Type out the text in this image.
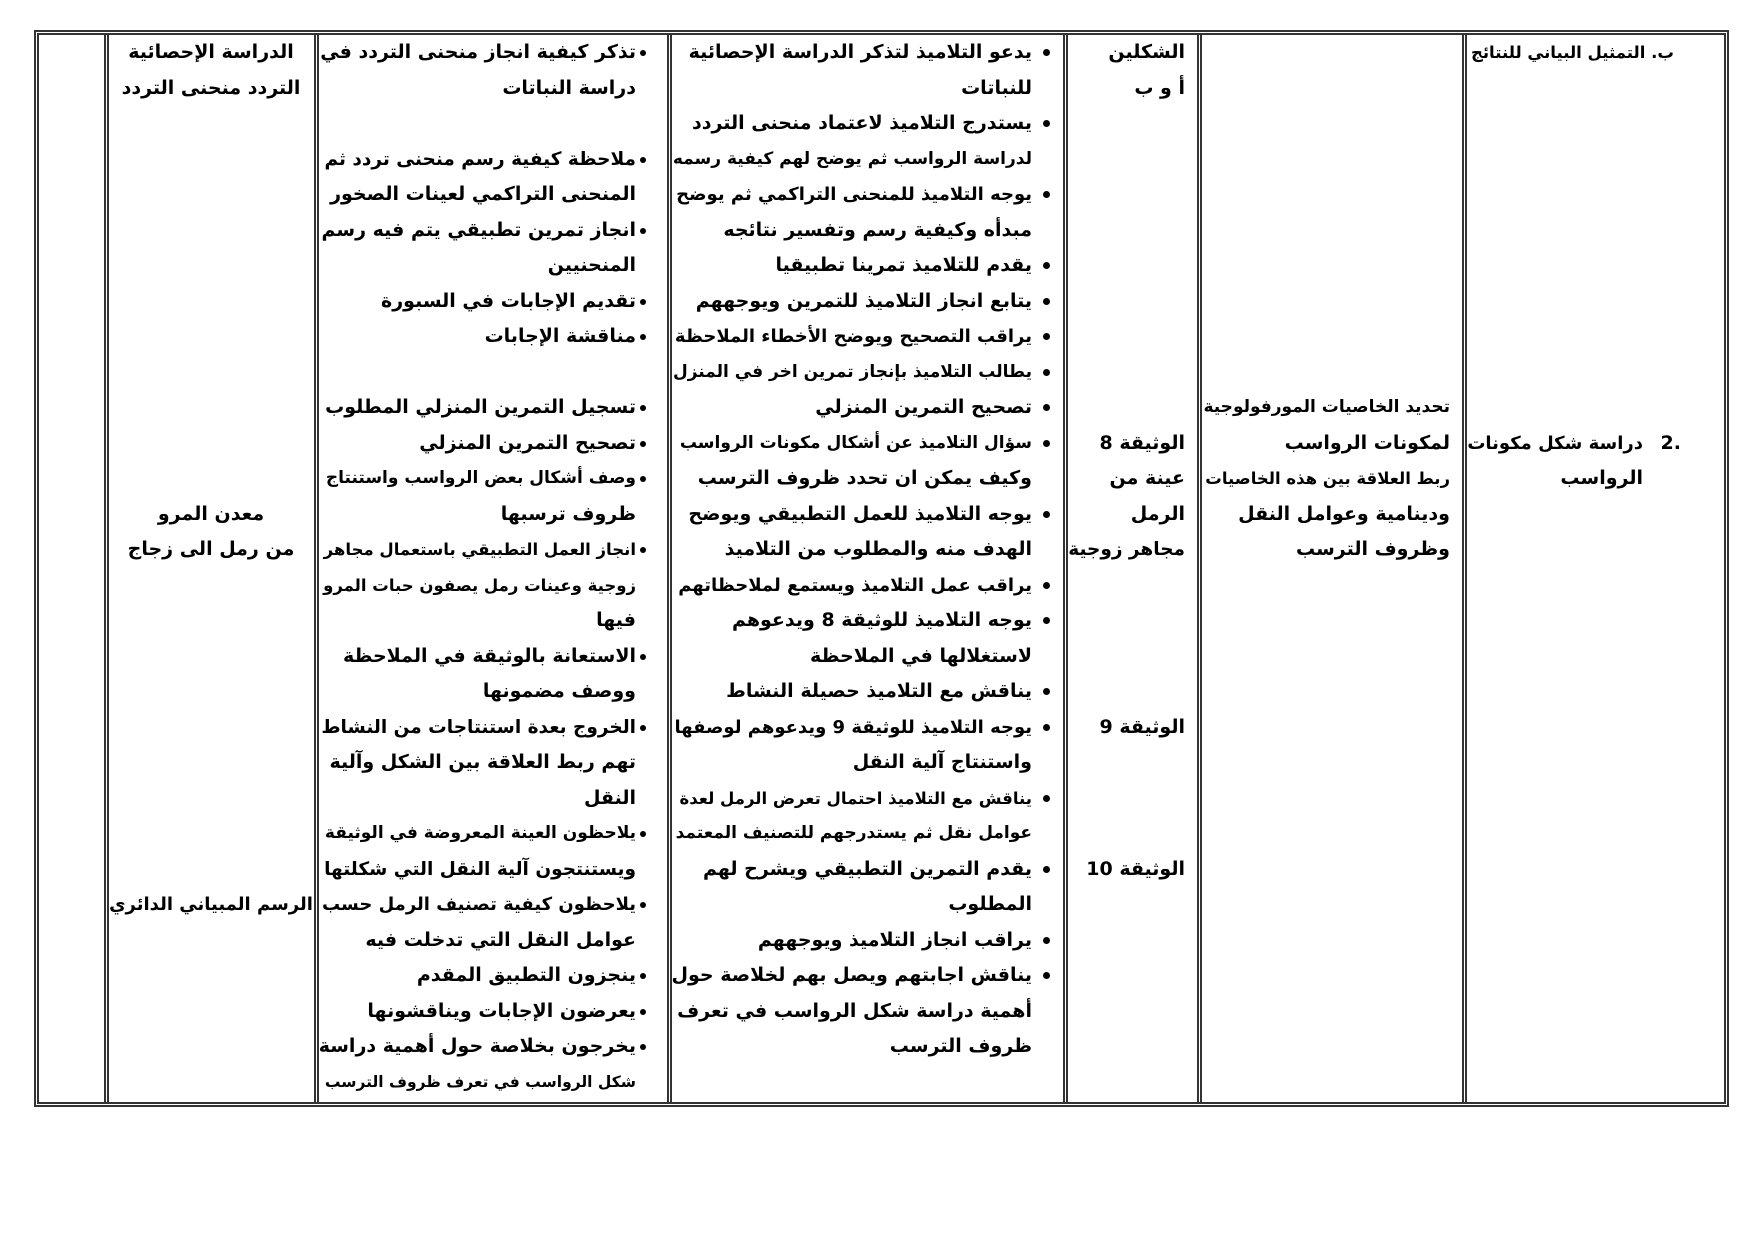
ب. التمثيل البياني للنتائج
2.
دراسة شكل مكونات
الرواسب
تحديد الخاصيات المورفولوجية
لمكونات الرواسب
ربط العلاقة بين هذه الخاصيات
ودينامية وعوامل النقل
وظروف الترسب
الشكلين
أ و ب
الوثيقة 8
عينة من
الرمل
مجاهر زوجية
الوثيقة 9
الوثيقة 10
يدعو التلاميذ لتذكر الدراسة الإحصائية
للنباتات
يستدرج التلاميذ لاعتماد منحنى التردد
لدراسة الرواسب ثم يوضح لهم كيفية رسمه
يوجه التلاميذ للمنحنى التراكمي ثم يوضح
مبدأه وكيفية رسم وتفسير نتائجه
يقدم للتلاميذ تمرينا تطبيقيا
يتابع انجاز التلاميذ للتمرين ويوجههم
يراقب التصحيح ويوضح الأخطاء الملاحظة
يطالب التلاميذ بإنجاز تمرين اخر في المنزل
تصحيح التمرين المنزلي
سؤال التلاميذ عن أشكال مكونات الرواسب
وكيف يمكن ان تحدد ظروف الترسب
يوجه التلاميذ للعمل التطبيقي ويوضح
الهدف منه والمطلوب من التلاميذ
يراقب عمل التلاميذ ويستمع لملاحظاتهم
يوجه التلاميذ للوثيقة 8 ويدعوهم
لاستغلالها في الملاحظة
يناقش مع التلاميذ حصيلة النشاط
يوجه التلاميذ للوثيقة 9 ويدعوهم لوصفها
واستنتاج آلية النقل
يناقش مع التلاميذ احتمال تعرض الرمل لعدة
عوامل نقل ثم يستدرجهم للتصنيف المعتمد
يقدم التمرين التطبيقي ويشرح لهم
المطلوب
يراقب انجاز التلاميذ ويوجههم
يناقش اجابتهم ويصل بهم لخلاصة حول
أهمية دراسة شكل الرواسب في تعرف
ظروف الترسب
تذكر كيفية انجاز منحنى التردد في
دراسة النباتات
ملاحظة كيفية رسم منحنى تردد ثم
المنحنى التراكمي لعينات الصخور
انجاز تمرين تطبيقي يتم فيه رسم
المنحنيين
تقديم الإجابات في السبورة
مناقشة الإجابات
تسجيل التمرين المنزلي المطلوب
تصحيح التمرين المنزلي
وصف أشكال بعض الرواسب واستنتاج
ظروف ترسبها
انجاز العمل التطبيقي باستعمال مجاهر
زوجية وعينات رمل يصفون حبات المرو
فيها
الاستعانة بالوثيقة في الملاحظة
ووصف مضمونها
الخروج بعدة استنتاجات من النشاط
تهم ربط العلاقة بين الشكل وآلية
النقل
يلاحظون العينة المعروضة في الوثيقة
ويستنتجون آلية النقل التي شكلتها
يلاحظون كيفية تصنيف الرمل حسب
عوامل النقل التي تدخلت فيه
ينجزون التطبيق المقدم
يعرضون الإجابات ويناقشونها
يخرجون بخلاصة حول أهمية دراسة
شكل الرواسب في تعرف ظروف الترسب
الدراسة الإحصائية
التردد منحنى التردد
معدن المرو
من رمل الى زجاج
الرسم المبياني الدائري
